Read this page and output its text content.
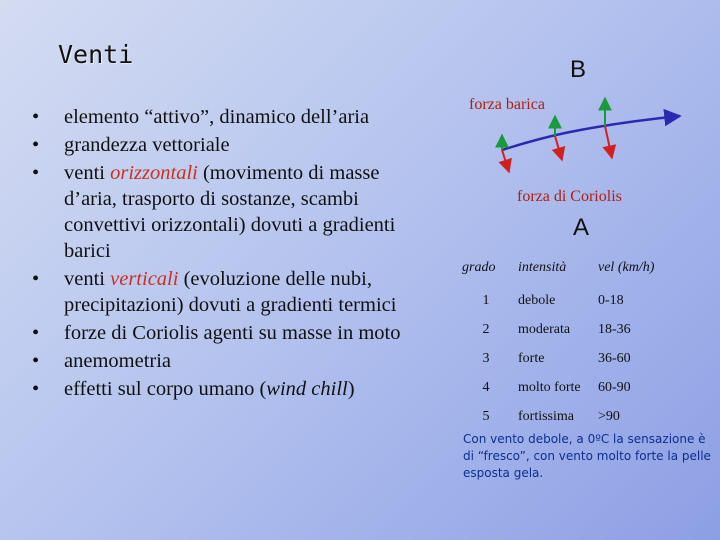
Venti
• elemento “attivo”, dinamico dell’aria
• grandezza vettoriale
• venti orizzontali (movimento di masse d’aria, trasporto di sostanze, scambi convettivi orizzontali) dovuti a gradienti barici
• venti verticali (evoluzione delle nubi, precipitazioni) dovuti a gradienti termici
• forze di Coriolis agenti su masse in moto
• anemometria
• effetti sul corpo umano (wind chill)
B
forza barica
forza di Coriolis
A
grado	intensità	vel (km/h)
1	debole	0-18
2	moderata	18-36
3	forte	36-60
4	molto forte	60-90
5	fortissima	>90
Con vento debole, a 0ºC la sensazione è di “fresco”, con vento molto forte la pelle esposta gela.
